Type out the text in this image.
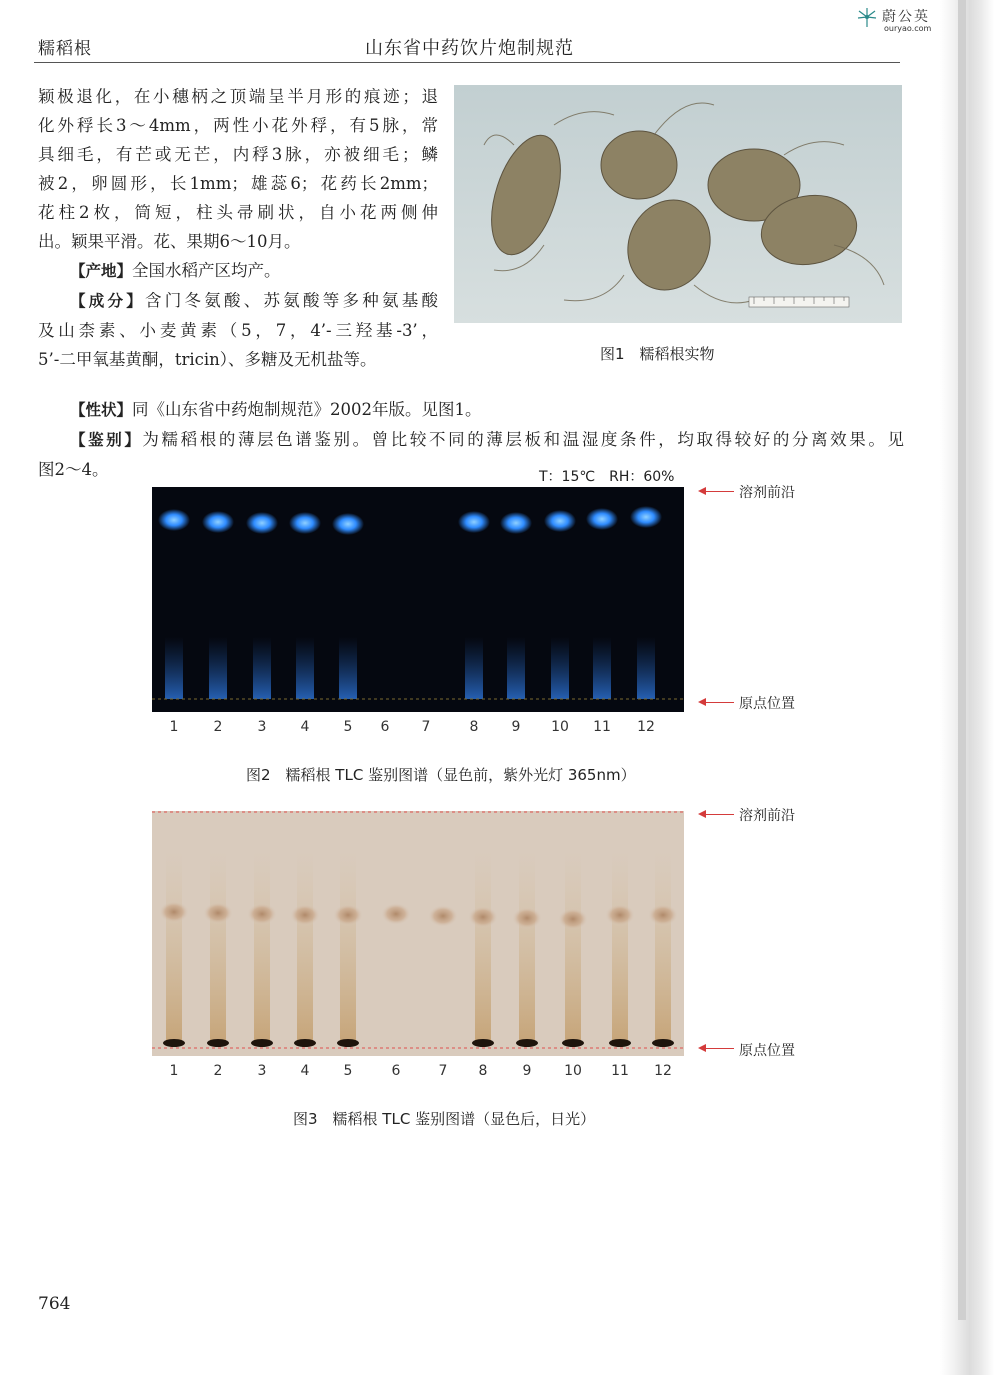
糯稻根	山东省中药饮片炮制规范
蔚公英
ouryao.com
颖极退化，在小穗柄之顶端呈半月形的痕迹；退
化外稃长3～4mm，两性小花外稃，有5脉，常
具细毛，有芒或无芒，内稃3脉，亦被细毛；鳞
被2，卵圆形，长1mm；雄蕊6；花药长2mm；
花柱2枚，筒短，柱头帚刷状，自小花两侧伸
出。颖果平滑。花、果期6～10月。
【产地】全国水稻产区均产。
【成分】含门冬氨酸、苏氨酸等多种氨基酸
及山柰素、小麦黄素（5，7，4’-三羟基-3’，
5’-二甲氧基黄酮，tricin）、多糖及无机盐等。
【性状】同《山东省中药炮制规范》2002年版。见图1。
【鉴别】为糯稻根的薄层色谱鉴别。曾比较不同的薄层板和温湿度条件，均取得较好的分离效果。见
图2～4。
图1　糯稻根实物
T：15℃　RH：60%
溶剂前沿
原点位置
1	2	3 4 5 6 7	8 9 10 11 12
图2　糯稻根 TLC 鉴别图谱（显色前，紫外光灯 365nm）
溶剂前沿
原点位置
1	2	3 4 5	6	7 8	9 10 11 12
图3　糯稻根 TLC 鉴别图谱（显色后，日光）
764
